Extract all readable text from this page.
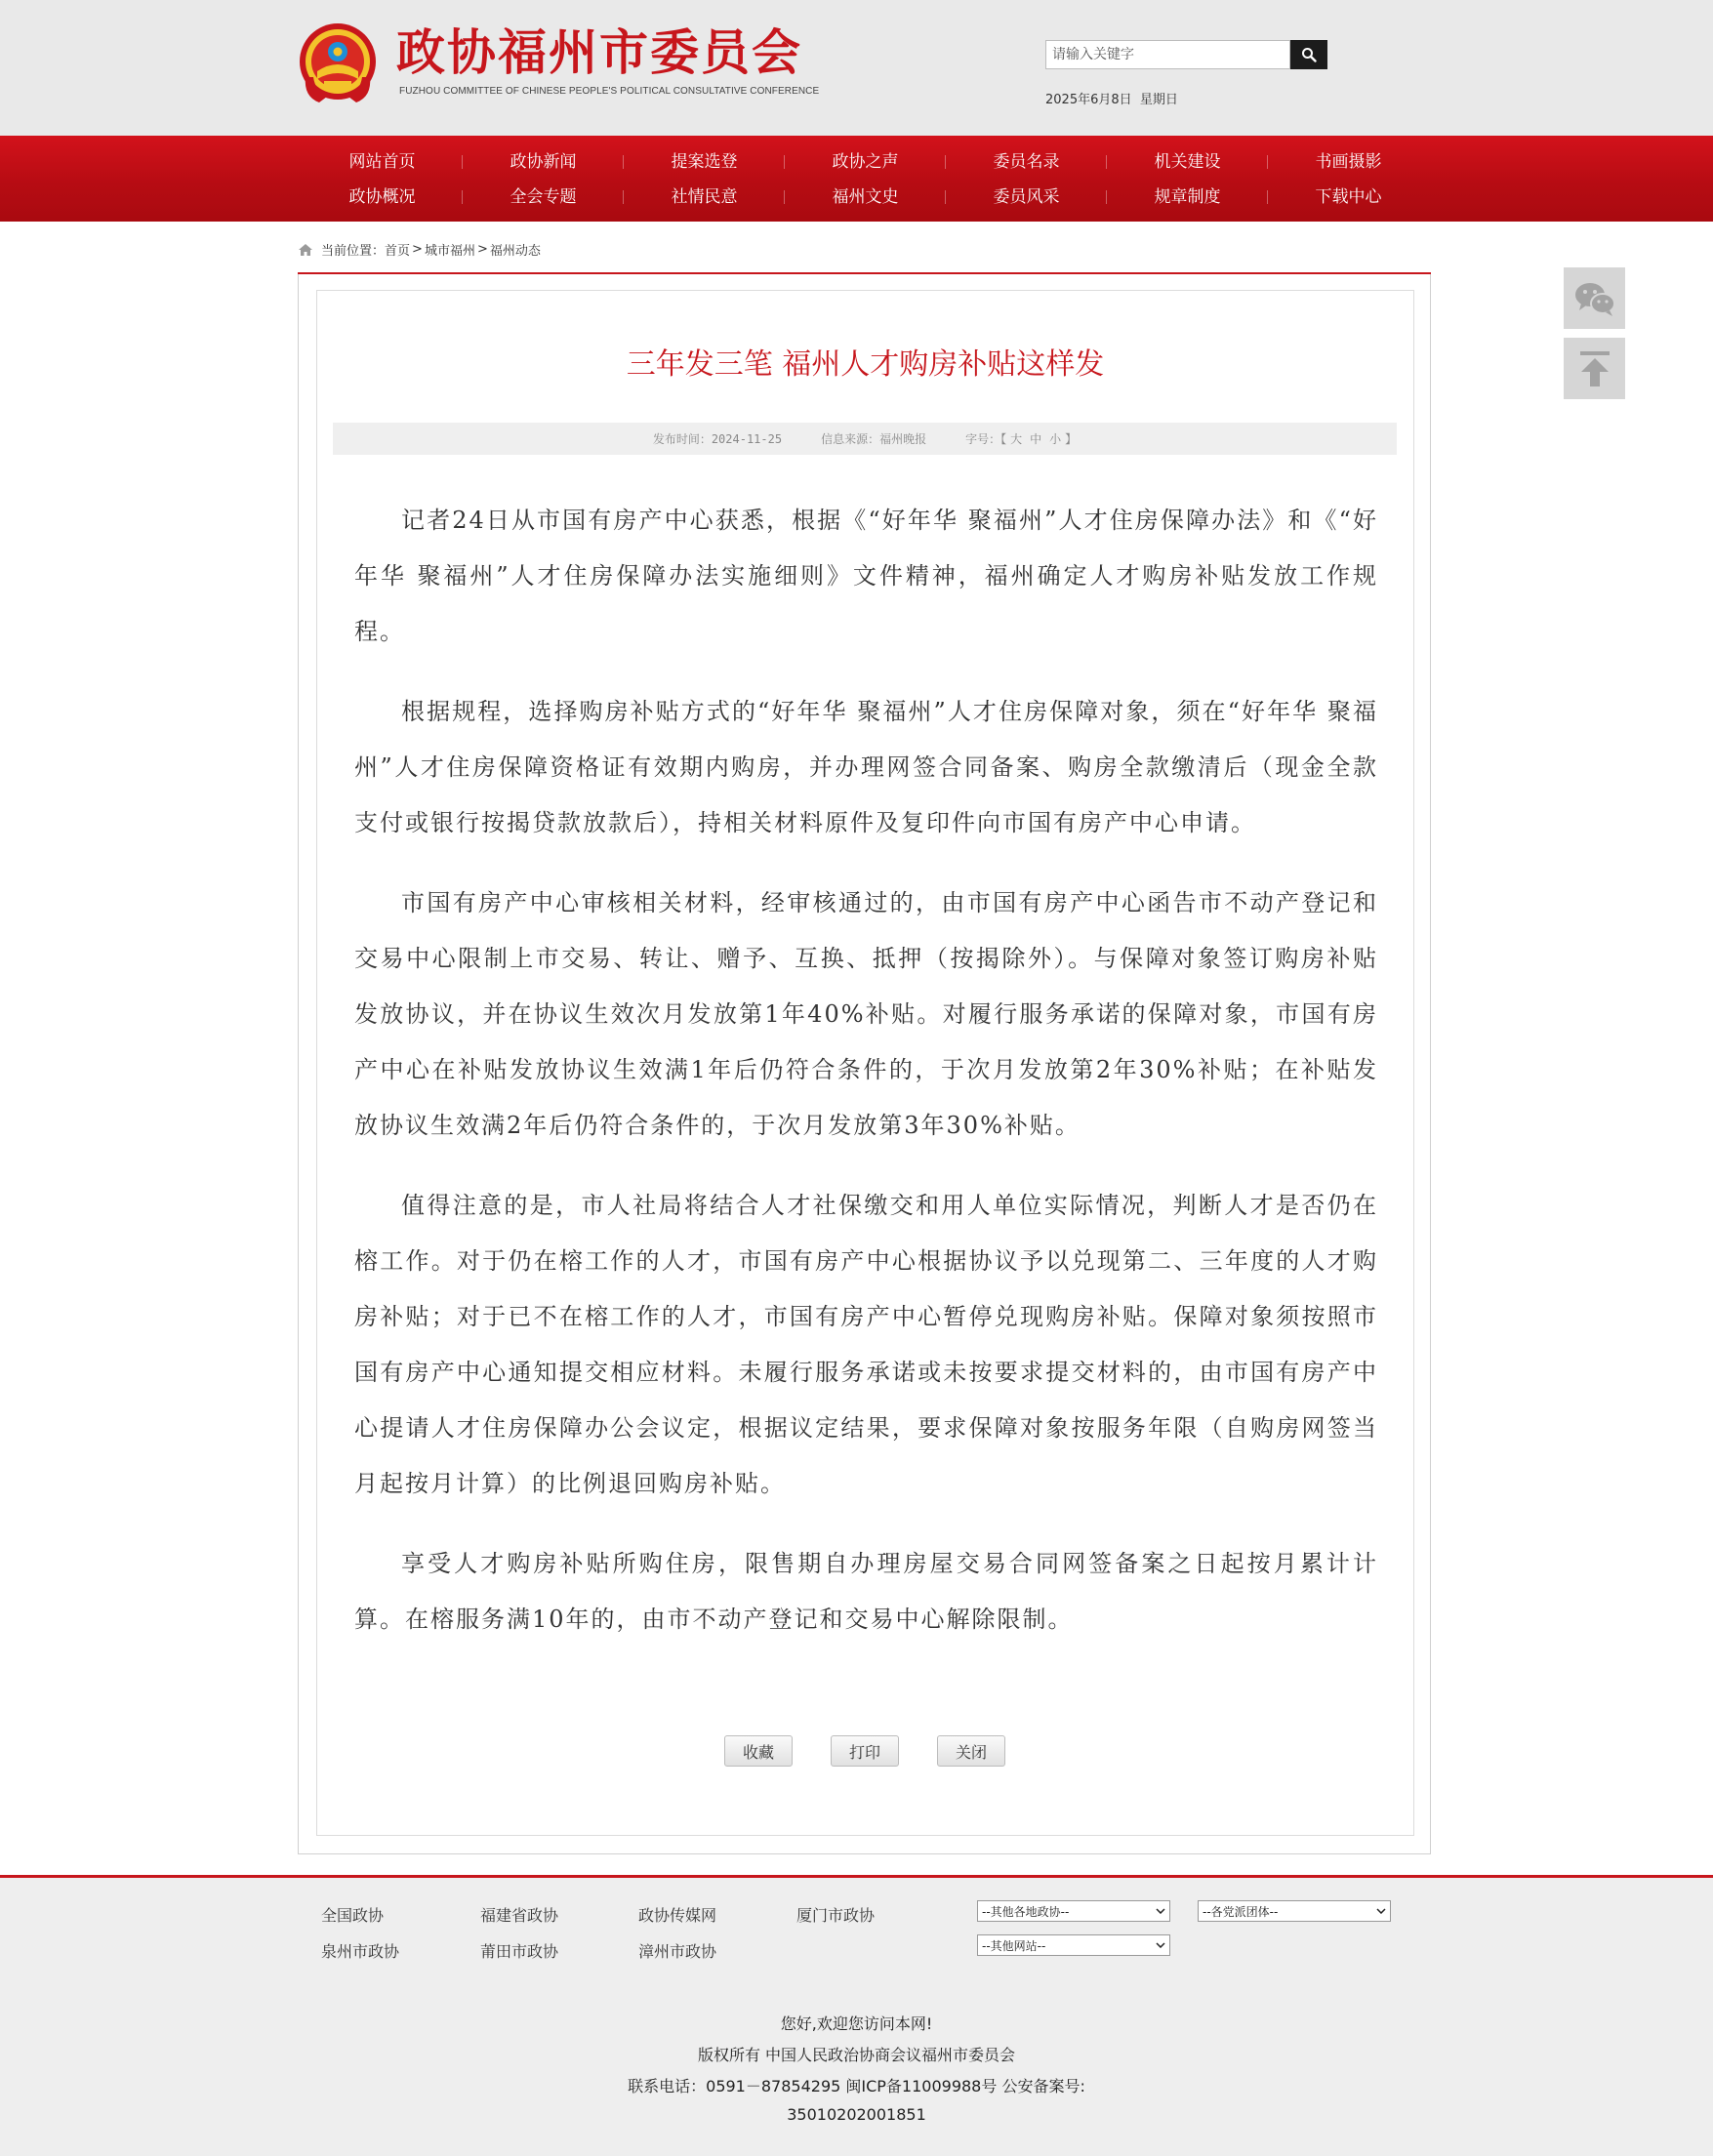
政协福州市委员会
FUZHOU COMMITTEE OF CHINESE PEOPLE'S POLITICAL CONSULTATIVE CONFERENCE
请输入关键字
2025年6月8日 星期日
网站首页	政协新闻	提案选登	政协之声	委员名录	机关建设	书画摄影
政协概况	全会专题	社情民意	福州文史	委员风采	规章制度	下载中心
当前位置： 首页 > 城市福州 > 福州动态
三年发三笔 福州人才购房补贴这样发
发布时间：2024-11-25	信息来源：福州晚报	字号：【 大 中 小 】

记者24日从市国有房产中心获悉，根据《“好年华 聚福州”人才住房保障办法》和《“好年华 聚福州”人才住房保障办法实施细则》文件精神，福州确定人才购房补贴发放工作规程。

根据规程，选择购房补贴方式的“好年华 聚福州”人才住房保障对象，须在“好年华 聚福州”人才住房保障资格证有效期内购房，并办理网签合同备案、购房全款缴清后（现金全款支付或银行按揭贷款放款后），持相关材料原件及复印件向市国有房产中心申请。

市国有房产中心审核相关材料，经审核通过的，由市国有房产中心函告市不动产登记和交易中心限制上市交易、转让、赠予、互换、抵押（按揭除外）。与保障对象签订购房补贴发放协议，并在协议生效次月发放第1年40%补贴。对履行服务承诺的保障对象，市国有房产中心在补贴发放协议生效满1年后仍符合条件的，于次月发放第2年30%补贴；在补贴发放协议生效满2年后仍符合条件的，于次月发放第3年30%补贴。

值得注意的是，市人社局将结合人才社保缴交和用人单位实际情况，判断人才是否仍在榕工作。对于仍在榕工作的人才，市国有房产中心根据协议予以兑现第二、三年度的人才购房补贴；对于已不在榕工作的人才，市国有房产中心暂停兑现购房补贴。保障对象须按照市国有房产中心通知提交相应材料。未履行服务承诺或未按要求提交材料的，由市国有房产中心提请人才住房保障办公会议定，根据议定结果，要求保障对象按服务年限（自购房网签当月起按月计算）的比例退回购房补贴。

享受人才购房补贴所购住房，限售期自办理房屋交易合同网签备案之日起按月累计计算。在榕服务满10年的，由市不动产登记和交易中心解除限制。

收藏	打印	关闭
全国政协	福建省政协	政协传媒网	厦门市政协
泉州市政协	莆田市政协	漳州市政协
--其他各地政协--	--各党派团体--
--其他网站--
您好,欢迎您访问本网!
版权所有 中国人民政治协商会议福州市委员会
联系电话：0591－87854295 闽ICP备11009988号 公安备案号:
35010202001851
